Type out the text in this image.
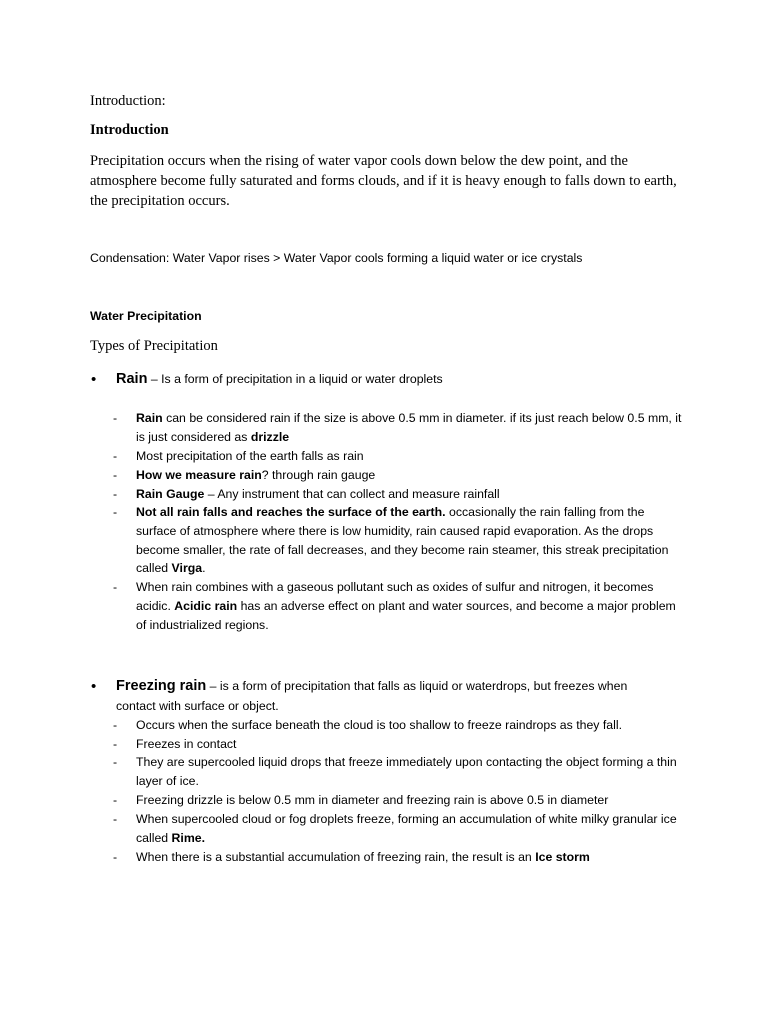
Introduction:
Introduction
Precipitation occurs when the rising of water vapor cools down below the dew point, and the atmosphere become fully saturated and forms clouds, and if it is heavy enough to falls down to earth, the precipitation occurs.
Condensation: Water Vapor rises > Water Vapor cools forming a liquid water or ice crystals
Water Precipitation
Types of Precipitation
• Rain – Is a form of precipitation in a liquid or water droplets
- Rain can be considered rain if the size is above 0.5 mm in diameter. if its just reach below 0.5 mm, it is just considered as drizzle
- Most precipitation of the earth falls as rain
- How we measure rain? through rain gauge
- Rain Gauge – Any instrument that can collect and measure rainfall
- Not all rain falls and reaches the surface of the earth. occasionally the rain falling from the surface of atmosphere where there is low humidity, rain caused rapid evaporation. As the drops become smaller, the rate of fall decreases, and they become rain steamer, this streak precipitation called Virga.
- When rain combines with a gaseous pollutant such as oxides of sulfur and nitrogen, it becomes acidic. Acidic rain has an adverse effect on plant and water sources, and become a major problem of industrialized regions.
• Freezing rain – is a form of precipitation that falls as liquid or waterdrops, but freezes when
contact with surface or object.
- Occurs when the surface beneath the cloud is too shallow to freeze raindrops as they fall.
- Freezes in contact
- They are supercooled liquid drops that freeze immediately upon contacting the object forming a thin layer of ice.
- Freezing drizzle is below 0.5 mm in diameter and freezing rain is above 0.5 in diameter
- When supercooled cloud or fog droplets freeze, forming an accumulation of white milky granular ice called Rime.
- When there is a substantial accumulation of freezing rain, the result is an Ice storm
